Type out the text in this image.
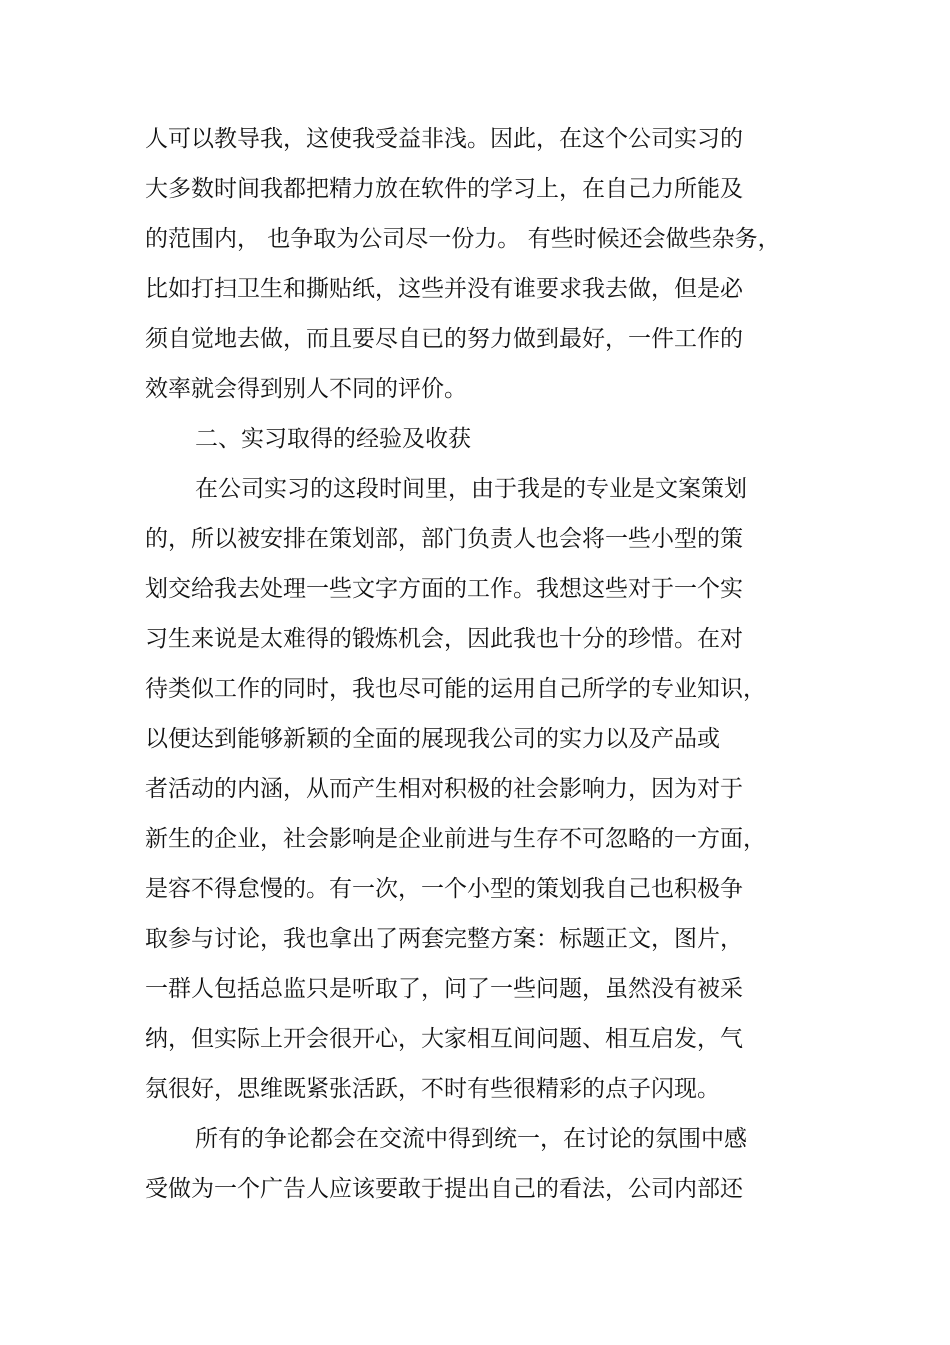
人可以教导我，这使我受益非浅。因此，在这个公司实习的
大多数时间我都把精力放在软件的学习上，在自己力所能及
的范围内， 也争取为公司尽一份力。 有些时候还会做些杂务，
比如打扫卫生和撕贴纸，这些并没有谁要求我去做，但是必
须自觉地去做，而且要尽自已的努力做到最好，一件工作的
效率就会得到别人不同的评价。
二、实习取得的经验及收获
在公司实习的这段时间里，由于我是的专业是文案策划
的，所以被安排在策划部，部门负责人也会将一些小型的策
划交给我去处理一些文字方面的工作。我想这些对于一个实
习生来说是太难得的锻炼机会，因此我也十分的珍惜。在对
待类似工作的同时，我也尽可能的运用自己所学的专业知识，
以便达到能够新颖的全面的展现我公司的实力以及产品或
者活动的内涵，从而产生相对积极的社会影响力，因为对于
新生的企业，社会影响是企业前进与生存不可忽略的一方面，
是容不得怠慢的。有一次，一个小型的策划我自己也积极争
取参与讨论，我也拿出了两套完整方案：标题正文，图片，
一群人包括总监只是听取了，问了一些问题，虽然没有被采
纳，但实际上开会很开心，大家相互间问题、相互启发，气
氛很好，思维既紧张活跃，不时有些很精彩的点子闪现。
所有的争论都会在交流中得到统一，在讨论的氛围中感
受做为一个广告人应该要敢于提出自己的看法，公司内部还
